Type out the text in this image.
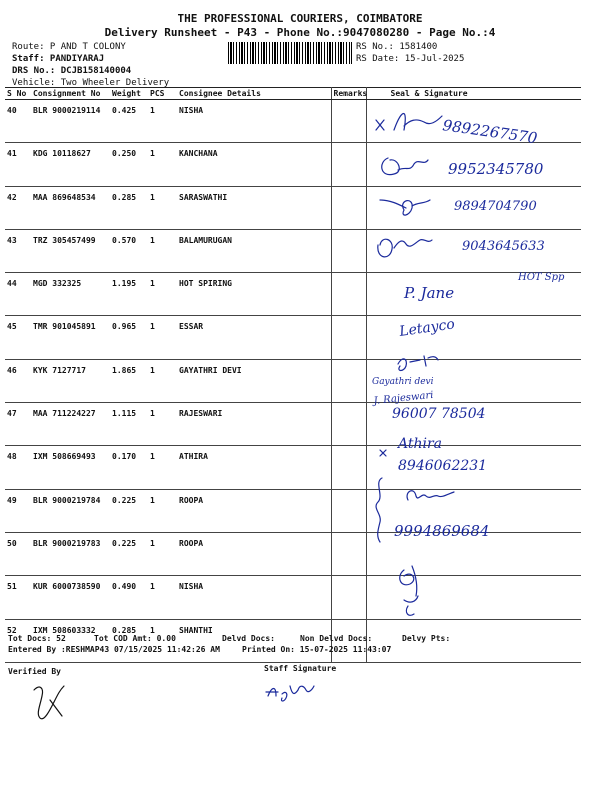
THE PROFESSIONAL COURIERS, COIMBATORE
Delivery Runsheet - P43 - Phone No.:9047080280 - Page No.:4
Route: P AND T COLONY
Staff: PANDIYARAJ
DRS No.: DCJB158140004
Vehicle: Two Wheeler Delivery
RS No.: 1581400
RS Date: 15-Jul-2025
S No	Consignment No	Weight	PCS	Consignee Details	Remarks	Seal & Signature
40	BLR 9000219114	0.425	1	NISHA		
41	KDG 10118627	0.250	1	KANCHANA		
42	MAA 869648534	0.285	1	SARASWATHI		
43	TRZ 305457499	0.570	1	BALAMURUGAN		
44	MGD 332325	1.195	1	HOT SPIRING		
45	TMR 901045891	0.965	1	ESSAR		
46	KYK 7127717	1.865	1	GAYATHRI DEVI		
47	MAA 711224227	1.115	1	RAJESWARI		
48	IXM 508669493	0.170	1	ATHIRA		
49	BLR 9000219784	0.225	1	ROOPA		
50	BLR 9000219783	0.225	1	ROOPA		
51	KUR 6000738590	0.490	1	NISHA		
52	IXM 508603332	0.285	1	SHANTHI		
9892267570
9952345780
9894704790
9043645633
P. Jane
HOT Spp
Letayco
Gayathri devi
J. Rajeswari
96007 78504
Athira
8946062231
9994869684
Tot Docs: 52	Tot COD Amt: 0.00	Delvd Docs:	Non Delvd Docs:	Delvy Pts:
Entered By :RESHMAP43 07/15/2025 11:42:26 AM	Printed On: 15-07-2025 11:43:07
Verified By	Staff Signature
